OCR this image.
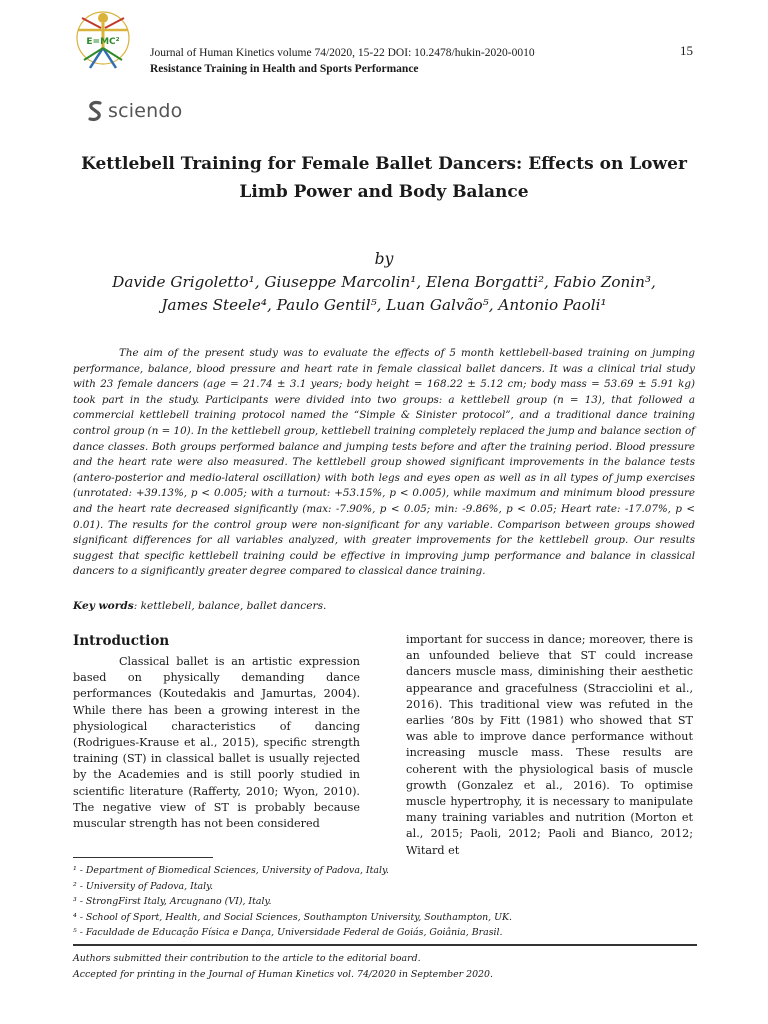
E=MC²
Journal of Human Kinetics volume 74/2020, 15-22 DOI: 10.2478/hukin-2020-0010
Resistance Training in Health and Sports Performance
15
sciendo
Kettlebell Training for Female Ballet Dancers: Effects on Lower Limb Power and Body Balance
by
Davide Grigoletto¹, Giuseppe Marcolin¹, Elena Borgatti², Fabio Zonin³,
James Steele⁴, Paulo Gentil⁵, Luan Galvão⁵, Antonio Paoli¹

The aim of the present study was to evaluate the effects of 5 month kettlebell-based training on jumping performance, balance, blood pressure and heart rate in female classical ballet dancers. It was a clinical trial study with 23 female dancers (age = 21.74 ± 3.1 years; body height = 168.22 ± 5.12 cm; body mass = 53.69 ± 5.91 kg) took part in the study. Participants were divided into two groups: a kettlebell group (n = 13), that followed a commercial kettlebell training protocol named the “Simple & Sinister protocol”, and a traditional dance training control group (n = 10). In the kettlebell group, kettlebell training completely replaced the jump and balance section of dance classes. Both groups performed balance and jumping tests before and after the training period. Blood pressure and the heart rate were also measured. The kettlebell group showed significant improvements in the balance tests (antero-posterior and medio-lateral oscillation) with both legs and eyes open as well as in all types of jump exercises (unrotated: +39.13%, p < 0.005; with a turnout: +53.15%, p < 0.005), while maximum and minimum blood pressure and the heart rate decreased significantly (max: -7.90%, p < 0.05; min: -9.86%, p < 0.05; Heart rate: -17.07%, p < 0.01). The results for the control group were non-significant for any variable. Comparison between groups showed significant differences for all variables analyzed, with greater improvements for the kettlebell group. Our results suggest that specific kettlebell training could be effective in improving jump performance and balance in classical dancers to a significantly greater degree compared to classical dance training.

Key words: kettlebell, balance, ballet dancers.
Introduction

Classical ballet is an artistic expression based on physically demanding dance performances (Koutedakis and Jamurtas, 2004). While there has been a growing interest in the physiological characteristics of dancing (Rodrigues-Krause et al., 2015), specific strength training (ST) in classical ballet is usually rejected by the Academies and is still poorly studied in scientific literature (Rafferty, 2010; Wyon, 2010). The negative view of ST is probably because muscular strength has not been considered

important for success in dance; moreover, there is an unfounded believe that ST could increase dancers muscle mass, diminishing their aesthetic appearance and gracefulness (Stracciolini et al., 2016). This traditional view was refuted in the earlies ‘80s by Fitt (1981) who showed that ST was able to improve dance performance without increasing muscle mass. These results are coherent with the physiological basis of muscle growth (Gonzalez et al., 2016). To optimise muscle hypertrophy, it is necessary to manipulate many training variables and nutrition (Morton et al., 2015; Paoli, 2012; Paoli and Bianco, 2012; Witard et

¹ - Department of Biomedical Sciences, University of Padova, Italy.
² - University of Padova, Italy.
³ - StrongFirst Italy, Arcugnano (VI), Italy.
⁴ - School of Sport, Health, and Social Sciences, Southampton University, Southampton, UK.
⁵ - Faculdade de Educação Física e Dança, Universidade Federal de Goiás, Goiânia, Brasil.
Authors submitted their contribution to the article to the editorial board.
Accepted for printing in the Journal of Human Kinetics vol. 74/2020 in September 2020.
